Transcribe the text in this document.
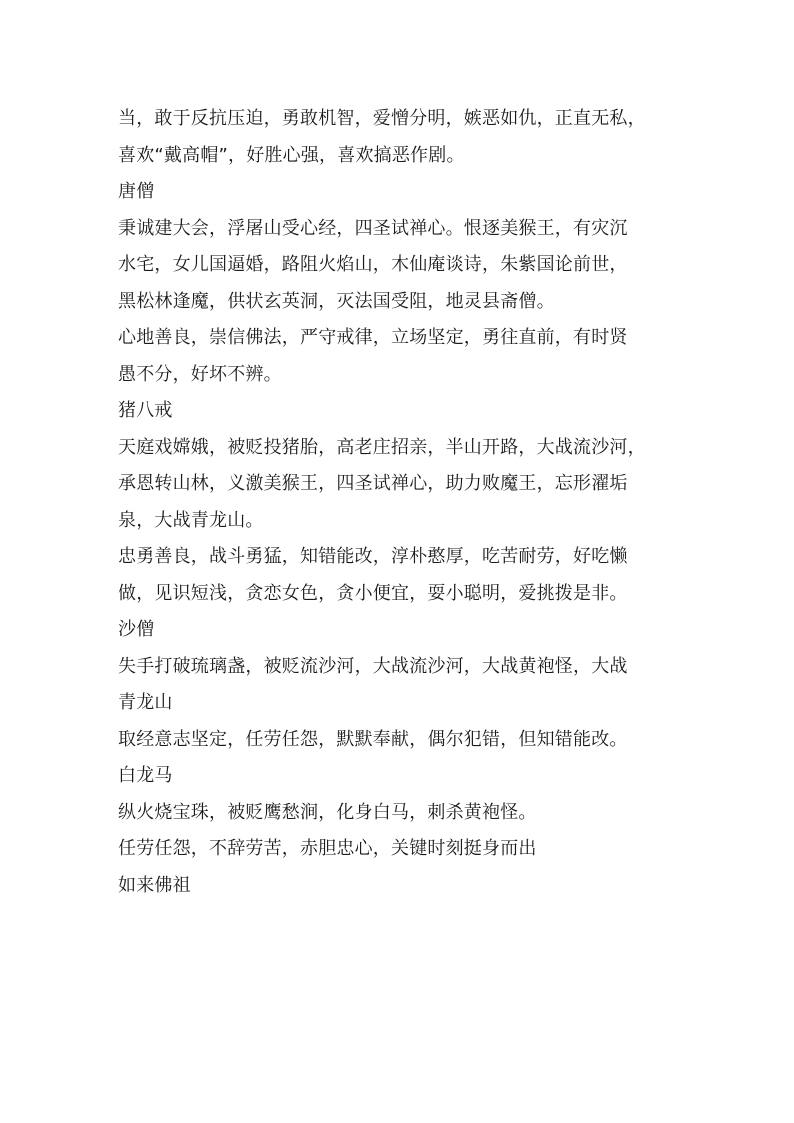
当，敢于反抗压迫，勇敢机智，爱憎分明，嫉恶如仇，正直无私，
喜欢“戴高帽”，好胜心强，喜欢搞恶作剧。
唐僧
秉诚建大会，浮屠山受心经，四圣试禅心。恨逐美猴王，有灾沉
水宅，女儿国逼婚，路阻火焰山，木仙庵谈诗，朱紫国论前世，
黑松林逢魔，供状玄英洞，灭法国受阻，地灵县斋僧。
心地善良，崇信佛法，严守戒律，立场坚定，勇往直前，有时贤
愚不分，好坏不辨。
猪八戒
天庭戏嫦娥，被贬投猪胎，高老庄招亲，半山开路，大战流沙河，
承恩转山林，义激美猴王，四圣试禅心，助力败魔王，忘形濯垢
泉，大战青龙山。
忠勇善良，战斗勇猛，知错能改，淳朴憨厚，吃苦耐劳，好吃懒
做，见识短浅，贪恋女色，贪小便宜，耍小聪明，爱挑拨是非。
沙僧
失手打破琉璃盏，被贬流沙河，大战流沙河，大战黄袍怪，大战
青龙山
取经意志坚定，任劳任怨，默默奉献，偶尔犯错，但知错能改。
白龙马
纵火烧宝珠，被贬鹰愁涧，化身白马，刺杀黄袍怪。
任劳任怨，不辞劳苦，赤胆忠心，关键时刻挺身而出
如来佛祖
